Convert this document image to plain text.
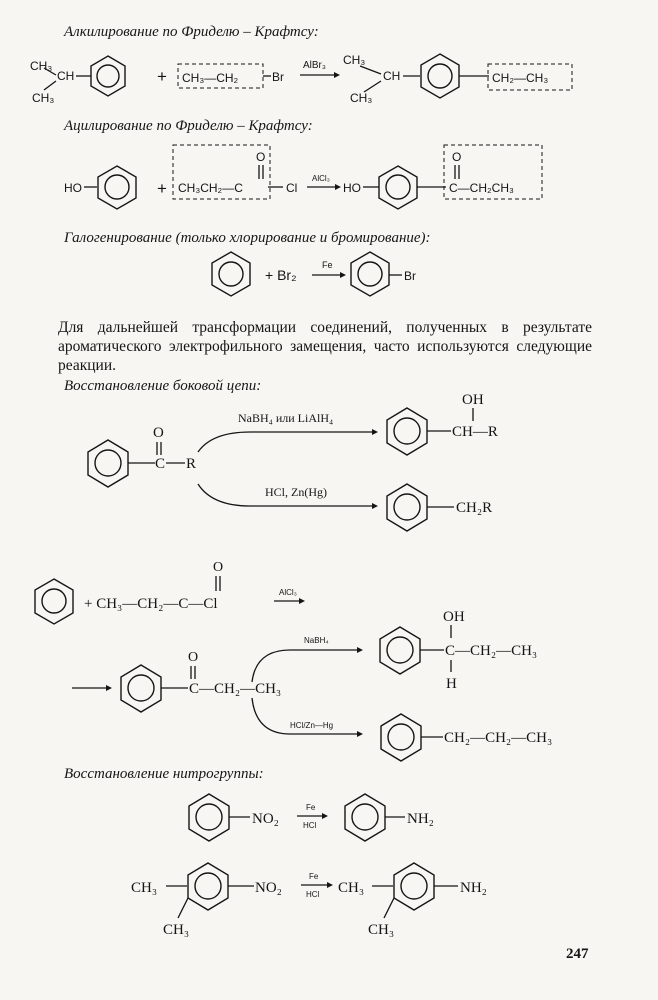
Алкилирование по Фриделю – Крафтсу:
CH₃
CH
CH₃
+ CH₃—CH₂	Br
AlBr₃ CH₃
CH
CH₃
CH₂—CH₃
Ацилирование по Фриделю – Крафтсу:
HO	+
O
CH₃CH₂—C	Cl
AlCl₃
HO
O
C—CH₂CH₃
Галогенирование (только хлорирование и бромирование):
+ Br₂
Fe
Br

Для дальнейшей трансформации соединений, полученных в результате ароматического электрофильного замещения, часто используются следующие реакции.

Восстановление боковой цепи:
O
C R
NaBH₄ или LiAlH₄
HCl, Zn(Hg)
OH
CH—R
CH₂R
+ CH₃—CH₂—C—Cl
O
AlCl₃
O
C—CH₂—CH₃
NaBH₄
HCl/Zn—Hg
OH
C—CH₂—CH₃
H
CH₂—CH₂—CH₃
Восстановление нитрогруппы:
NO₂
Fe
HCl	NH₂
CH₃	NO₂
CH₃
Fe
HCl CH₃	NH₂
CH₃
247
